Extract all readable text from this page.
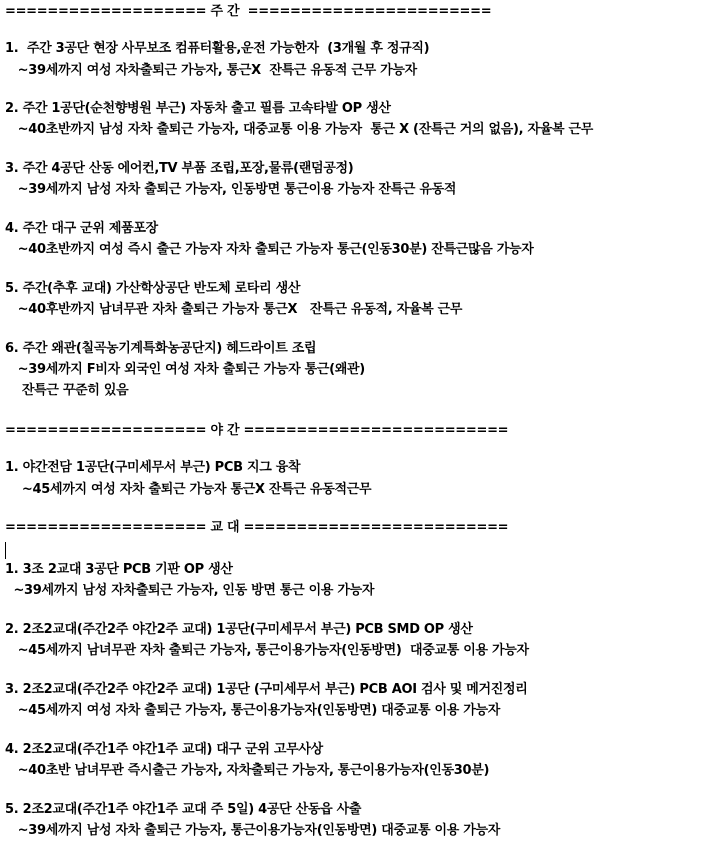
=================== 주 간  =======================
1.  주간 3공단 현장 사무보조 컴퓨터활용,운전 가능한자  (3개월 후 정규직)
~39세까지 여성 자차출퇴근 가능자, 통근X  잔특근 유동적 근무 가능자
2. 주간 1공단(순천향병원 부근) 자동차 출고 필름 고속타발 OP 생산
~40초반까지 남성 자차 출퇴근 가능자, 대중교통 이용 가능자  통근 X (잔특근 거의 없음), 자율복 근무
3. 주간 4공단 산동 에어컨,TV 부품 조립,포장,물류(랜덤공정)
~39세까지 남성 자차 출퇴근 가능자, 인동방면 통근이용 가능자 잔특근 유동적
4. 주간 대구 군위 제품포장
~40초반까지 여성 즉시 출근 가능자 자차 출퇴근 가능자 통근(인동30분) 잔특근많음 가능자
5. 주간(추후 교대) 가산학상공단 반도체 로타리 생산
~40후반까지 남녀무관 자차 출퇴근 가능자 통근X   잔특근 유동적, 자율복 근무
6. 주간 왜관(칠곡농기계특화농공단지) 헤드라이트 조립
~39세까지 F비자 외국인 여성 자차 출퇴근 가능자 통근(왜관)
잔특근 꾸준히 있음
=================== 야 간 =========================
1. 야간전담 1공단(구미세무서 부근) PCB 지그 융착
~45세까지 여성 자차 출퇴근 가능자 통근X 잔특근 유동적근무
=================== 교 대 =========================
1. 3조 2교대 3공단 PCB 기판 OP 생산
~39세까지 남성 자차출퇴근 가능자, 인동 방면 통근 이용 가능자
2. 2조2교대(주간2주 야간2주 교대) 1공단(구미세무서 부근) PCB SMD OP 생산
~45세까지 남녀무관 자차 출퇴근 가능자, 통근이용가능자(인동방면)  대중교통 이용 가능자
3. 2조2교대(주간2주 야간2주 교대) 1공단 (구미세무서 부근) PCB AOI 검사 및 메거진정리
~45세까지 여성 자차 출퇴근 가능자, 통근이용가능자(인동방면) 대중교통 이용 가능자
4. 2조2교대(주간1주 야간1주 교대) 대구 군위 고무사상
~40초반 남녀무관 즉시출근 가능자, 자차출퇴근 가능자, 통근이용가능자(인동30분)
5. 2조2교대(주간1주 야간1주 교대 주 5일) 4공단 산동읍 사출
~39세까지 남성 자차 출퇴근 가능자, 통근이용가능자(인동방면) 대중교통 이용 가능자
